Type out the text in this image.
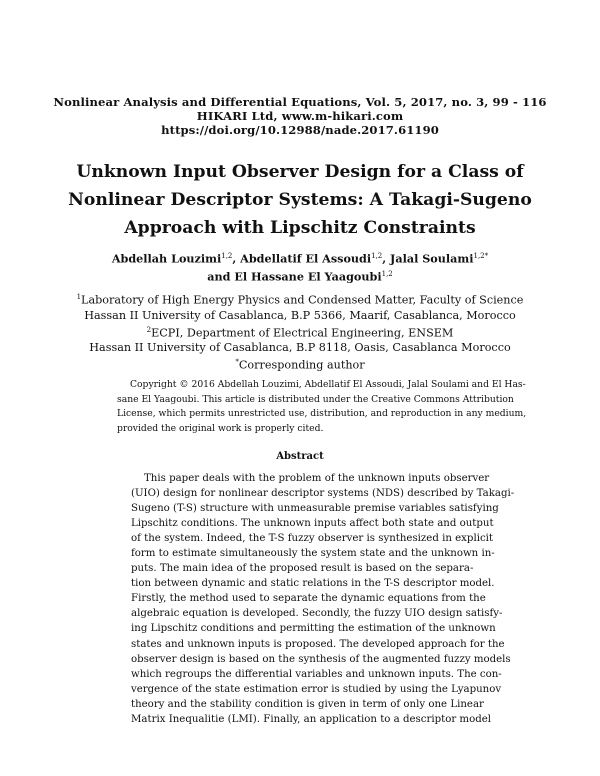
Nonlinear Analysis and Differential Equations, Vol. 5, 2017, no. 3, 99 - 116
HIKARI Ltd, www.m-hikari.com
https://doi.org/10.12988/nade.2017.61190
Unknown Input Observer Design for a Class of
Nonlinear Descriptor Systems: A Takagi-Sugeno
Approach with Lipschitz Constraints
Abdellah Louzimi$^{1,2}$, Abdellatif El Assoudi$^{1,2}$, Jalal Soulami$^{1,2*}$
and El Hassane El Yaagoubi$^{1,2}$
$^1$Laboratory of High Energy Physics and Condensed Matter, Faculty of Science
Hassan II University of Casablanca, B.P 5366, Maarif, Casablanca, Morocco
$^2$ECPI, Department of Electrical Engineering, ENSEM
Hassan II University of Casablanca, B.P 8118, Oasis, Casablanca Morocco
*Corresponding author
Copyright © 2016 Abdellah Louzimi, Abdellatif El Assoudi, Jalal Soulami and El Has-
sane El Yaagoubi. This article is distributed under the Creative Commons Attribution
License, which permits unrestricted use, distribution, and reproduction in any medium,
provided the original work is properly cited.
Abstract
This paper deals with the problem of the unknown inputs observer
(UIO) design for nonlinear descriptor systems (NDS) described by Takagi-
Sugeno (T-S) structure with unmeasurable premise variables satisfying
Lipschitz conditions. The unknown inputs affect both state and output
of the system. Indeed, the T-S fuzzy observer is synthesized in explicit
form to estimate simultaneously the system state and the unknown in-
puts. The main idea of the proposed result is based on the separa-
tion between dynamic and static relations in the T-S descriptor model.
Firstly, the method used to separate the dynamic equations from the
algebraic equation is developed. Secondly, the fuzzy UIO design satisfy-
ing Lipschitz conditions and permitting the estimation of the unknown
states and unknown inputs is proposed. The developed approach for the
observer design is based on the synthesis of the augmented fuzzy models
which regroups the differential variables and unknown inputs. The con-
vergence of the state estimation error is studied by using the Lyapunov
theory and the stability condition is given in term of only one Linear
Matrix Inequalitie (LMI). Finally, an application to a descriptor model
